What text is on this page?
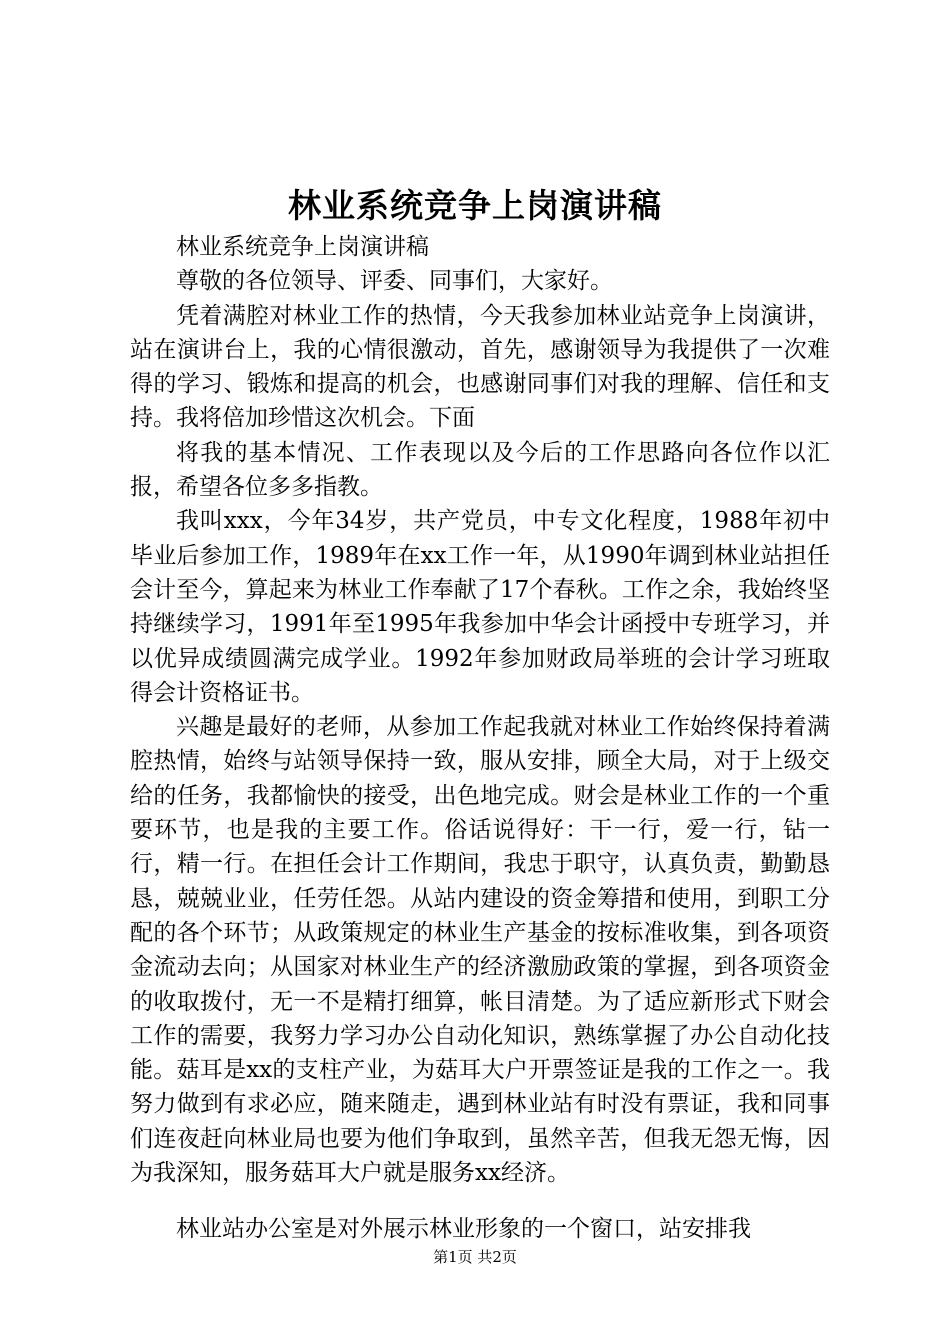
林业系统竞争上岗演讲稿

林业系统竞争上岗演讲稿

尊敬的各位领导、评委、同事们，大家好。

凭着满腔对林业工作的热情，今天我参加林业站竞争上岗演讲，站在演讲台上，我的心情很激动，首先，感谢领导为我提供了一次难得的学习、锻炼和提高的机会，也感谢同事们对我的理解、信任和支持。我将倍加珍惜这次机会。下面

将我的基本情况、工作表现以及今后的工作思路向各位作以汇报，希望各位多多指教。

我叫xxx，今年34岁，共产党员，中专文化程度，1988年初中毕业后参加工作，1989年在xx工作一年，从1990年调到林业站担任会计至今，算起来为林业工作奉献了17个春秋。工作之余，我始终坚持继续学习，1991年至1995年我参加中华会计函授中专班学习，并以优异成绩圆满完成学业。1992年参加财政局举班的会计学习班取得会计资格证书。

兴趣是最好的老师，从参加工作起我就对林业工作始终保持着满腔热情，始终与站领导保持一致，服从安排，顾全大局，对于上级交给的任务，我都愉快的接受，出色地完成。财会是林业工作的一个重要环节，也是我的主要工作。俗话说得好：干一行，爱一行，钻一行，精一行。在担任会计工作期间，我忠于职守，认真负责，勤勤恳恳，兢兢业业，任劳任怨。从站内建设的资金筹措和使用，到职工分配的各个环节；从政策规定的林业生产基金的按标准收集，到各项资金流动去向；从国家对林业生产的经济激励政策的掌握，到各项资金的收取拨付，无一不是精打细算，帐目清楚。为了适应新形式下财会工作的需要，我努力学习办公自动化知识，熟练掌握了办公自动化技能。菇耳是xx的支柱产业，为菇耳大户开票签证是我的工作之一。我努力做到有求必应，随来随走，遇到林业站有时没有票证，我和同事们连夜赶向林业局也要为他们争取到，虽然辛苦，但我无怨无悔，因为我深知，服务菇耳大户就是服务xx经济。

林业站办公室是对外展示林业形象的一个窗口，站安排我

第1页 共2页
